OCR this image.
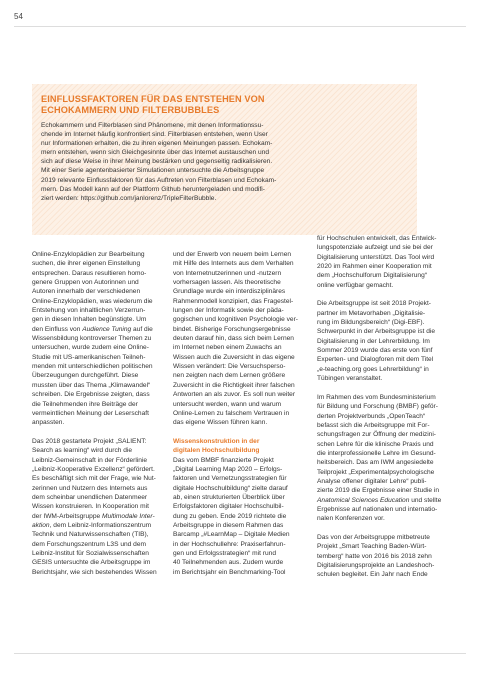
54
EINFLUSSFAKTOREN FÜR DAS ENTSTEHEN VON
ECHOKAMMERN UND FILTERBUBBLES

Echokammern und Filterblasen sind Phänomene, mit denen Informationssu-
chende im Internet häufig konfrontiert sind. Filterblasen entstehen, wenn User
nur Informationen erhalten, die zu ihren eigenen Meinungen passen. Echokam-
mern entstehen, wenn sich Gleichgesinnte über das Internet austauschen und
sich auf diese Weise in ihrer Meinung bestärken und gegenseitig radikalisieren.
Mit einer Serie agentenbasierter Simulationen untersuchte die Arbeitsgruppe
2019 relevante Einflussfaktoren für das Auftreten von Filterblasen und Echokam-
mern. Das Modell kann auf der Plattform Github heruntergeladen und modifi-
ziert werden: https://github.com/janlorenz/TripleFilterBubble.

Online-Enzyklopädien zur Bearbeitung
suchen, die ihrer eigenen Einstellung
entsprechen. Daraus resultieren homo-
genere Gruppen von Autorinnen und
Autoren innerhalb der verschiedenen
Online-Enzyklopädien, was wiederum die
Entstehung von inhaltlichen Verzerrun-
gen in diesen Inhalten begünstigte. Um
den Einfluss von Audience Tuning auf die
Wissensbildung kontroverser Themen zu
untersuchen, wurde zudem eine Online-
Studie mit US-amerikanischen Teilneh-
menden mit unterschiedlichen politischen
Überzeugungen durchgeführt. Diese
mussten über das Thema „Klimawandel“
schreiben. Die Ergebnisse zeigten, dass
die Teilnehmenden ihre Beiträge der
vermeintlichen Meinung der Leserschaft
anpassten.
Das 2018 gestartete Projekt „SALIENT:
Search as learning“ wird durch die
Leibniz-Gemeinschaft in der Förderlinie
„Leibniz-Kooperative Exzellenz“ gefördert.
Es beschäftigt sich mit der Frage, wie Nut-
zerinnen und Nutzern des Internets aus
dem scheinbar unendlichen Datenmeer
Wissen konstruieren. In Kooperation mit
der IWM-Arbeitsgruppe Multimodale Inter-
aktion, dem Leibniz-Informationszentrum
Technik und Naturwissenschaften (TIB),
dem Forschungszentrum L3S und dem
Leibniz-Institut für Sozialwissenschaften
GESIS untersuchte die Arbeitsgruppe im
Berichtsjahr, wie sich bestehendes Wissen
und der Erwerb von neuem beim Lernen
mit Hilfe des Internets aus dem Verhalten
von Internetnutzerinnen und -nutzern
vorhersagen lassen. Als theoretische
Grundlage wurde ein interdisziplinäres
Rahmenmodell konzipiert, das Fragestel-
lungen der Informatik sowie der päda-
gogischen und kognitiven Psychologie ver-
bindet. Bisherige Forschungsergebnisse
deuten darauf hin, dass sich beim Lernen
im Internet neben einem Zuwachs an
Wissen auch die Zuversicht in das eigene
Wissen verändert: Die Versuchsperso-
nen zeigten nach dem Lernen größere
Zuversicht in die Richtigkeit ihrer falschen
Antworten an als zuvor. Es soll nun weiter
untersucht werden, wann und warum
Online-Lernen zu falschem Vertrauen in
das eigene Wissen führen kann.
Wissenskonstruktion in der
digitalen Hochschulbildung
Das vom BMBF finanzierte Projekt
„Digital Learning Map 2020 – Erfolgs-
faktoren und Vernetzungsstrategien für
digitale Hochschulbildung“ zielte darauf
ab, einen strukturierten Überblick über
Erfolgsfaktoren digitaler Hochschulbil-
dung zu geben. Ende 2019 richtete die
Arbeitsgruppe in diesem Rahmen das
Barcamp „#LearnMap – Digitale Medien
in der Hochschullehre: Praxiserfahrun-
gen und Erfolgsstrategien“ mit rund
40 Teilnehmenden aus. Zudem wurde
im Berichtsjahr ein Benchmarking-Tool
für Hochschulen entwickelt, das Entwick-
lungspotenziale aufzeigt und sie bei der
Digitalisierung unterstützt. Das Tool wird
2020 im Rahmen einer Kooperation mit
dem „Hochschulforum Digitalisierung“
online verfügbar gemacht.
Die Arbeitsgruppe ist seit 2018 Projekt-
partner im Metavorhaben „Digitalisie-
rung im Bildungsbereich“ (Digi-EBF).
Schwerpunkt in der Arbeitsgruppe ist die
Digitalisierung in der Lehrerbildung. Im
Sommer 2019 wurde das erste von fünf
Experten- und Dialogforen mit dem Titel
„e-teaching.org goes Lehrerbildung“ in
Tübingen veranstaltet.
Im Rahmen des vom Bundesministerium
für Bildung und Forschung (BMBF) geför-
derten Projektverbunds „OpenTeach“
befasst sich die Arbeitsgruppe mit For-
schungsfragen zur Öffnung der medizini-
schen Lehre für die klinische Praxis und
die interprofessionelle Lehre im Gesund-
heitsbereich. Das am IWM angesiedelte
Teilprojekt „Experimentalpsychologische
Analyse offener digitaler Lehre“ publi-
zierte 2019 die Ergebnisse einer Studie in
Anatomical Sciences Education und stellte
Ergebnisse auf nationalen und internatio-
nalen Konferenzen vor.
Das von der Arbeitsgruppe mitbetreute
Projekt „Smart Teaching Baden-Würt-
temberg“ hatte von 2016 bis 2018 zehn
Digitalisierungsprojekte an Landeshoch-
schulen begleitet. Ein Jahr nach Ende
